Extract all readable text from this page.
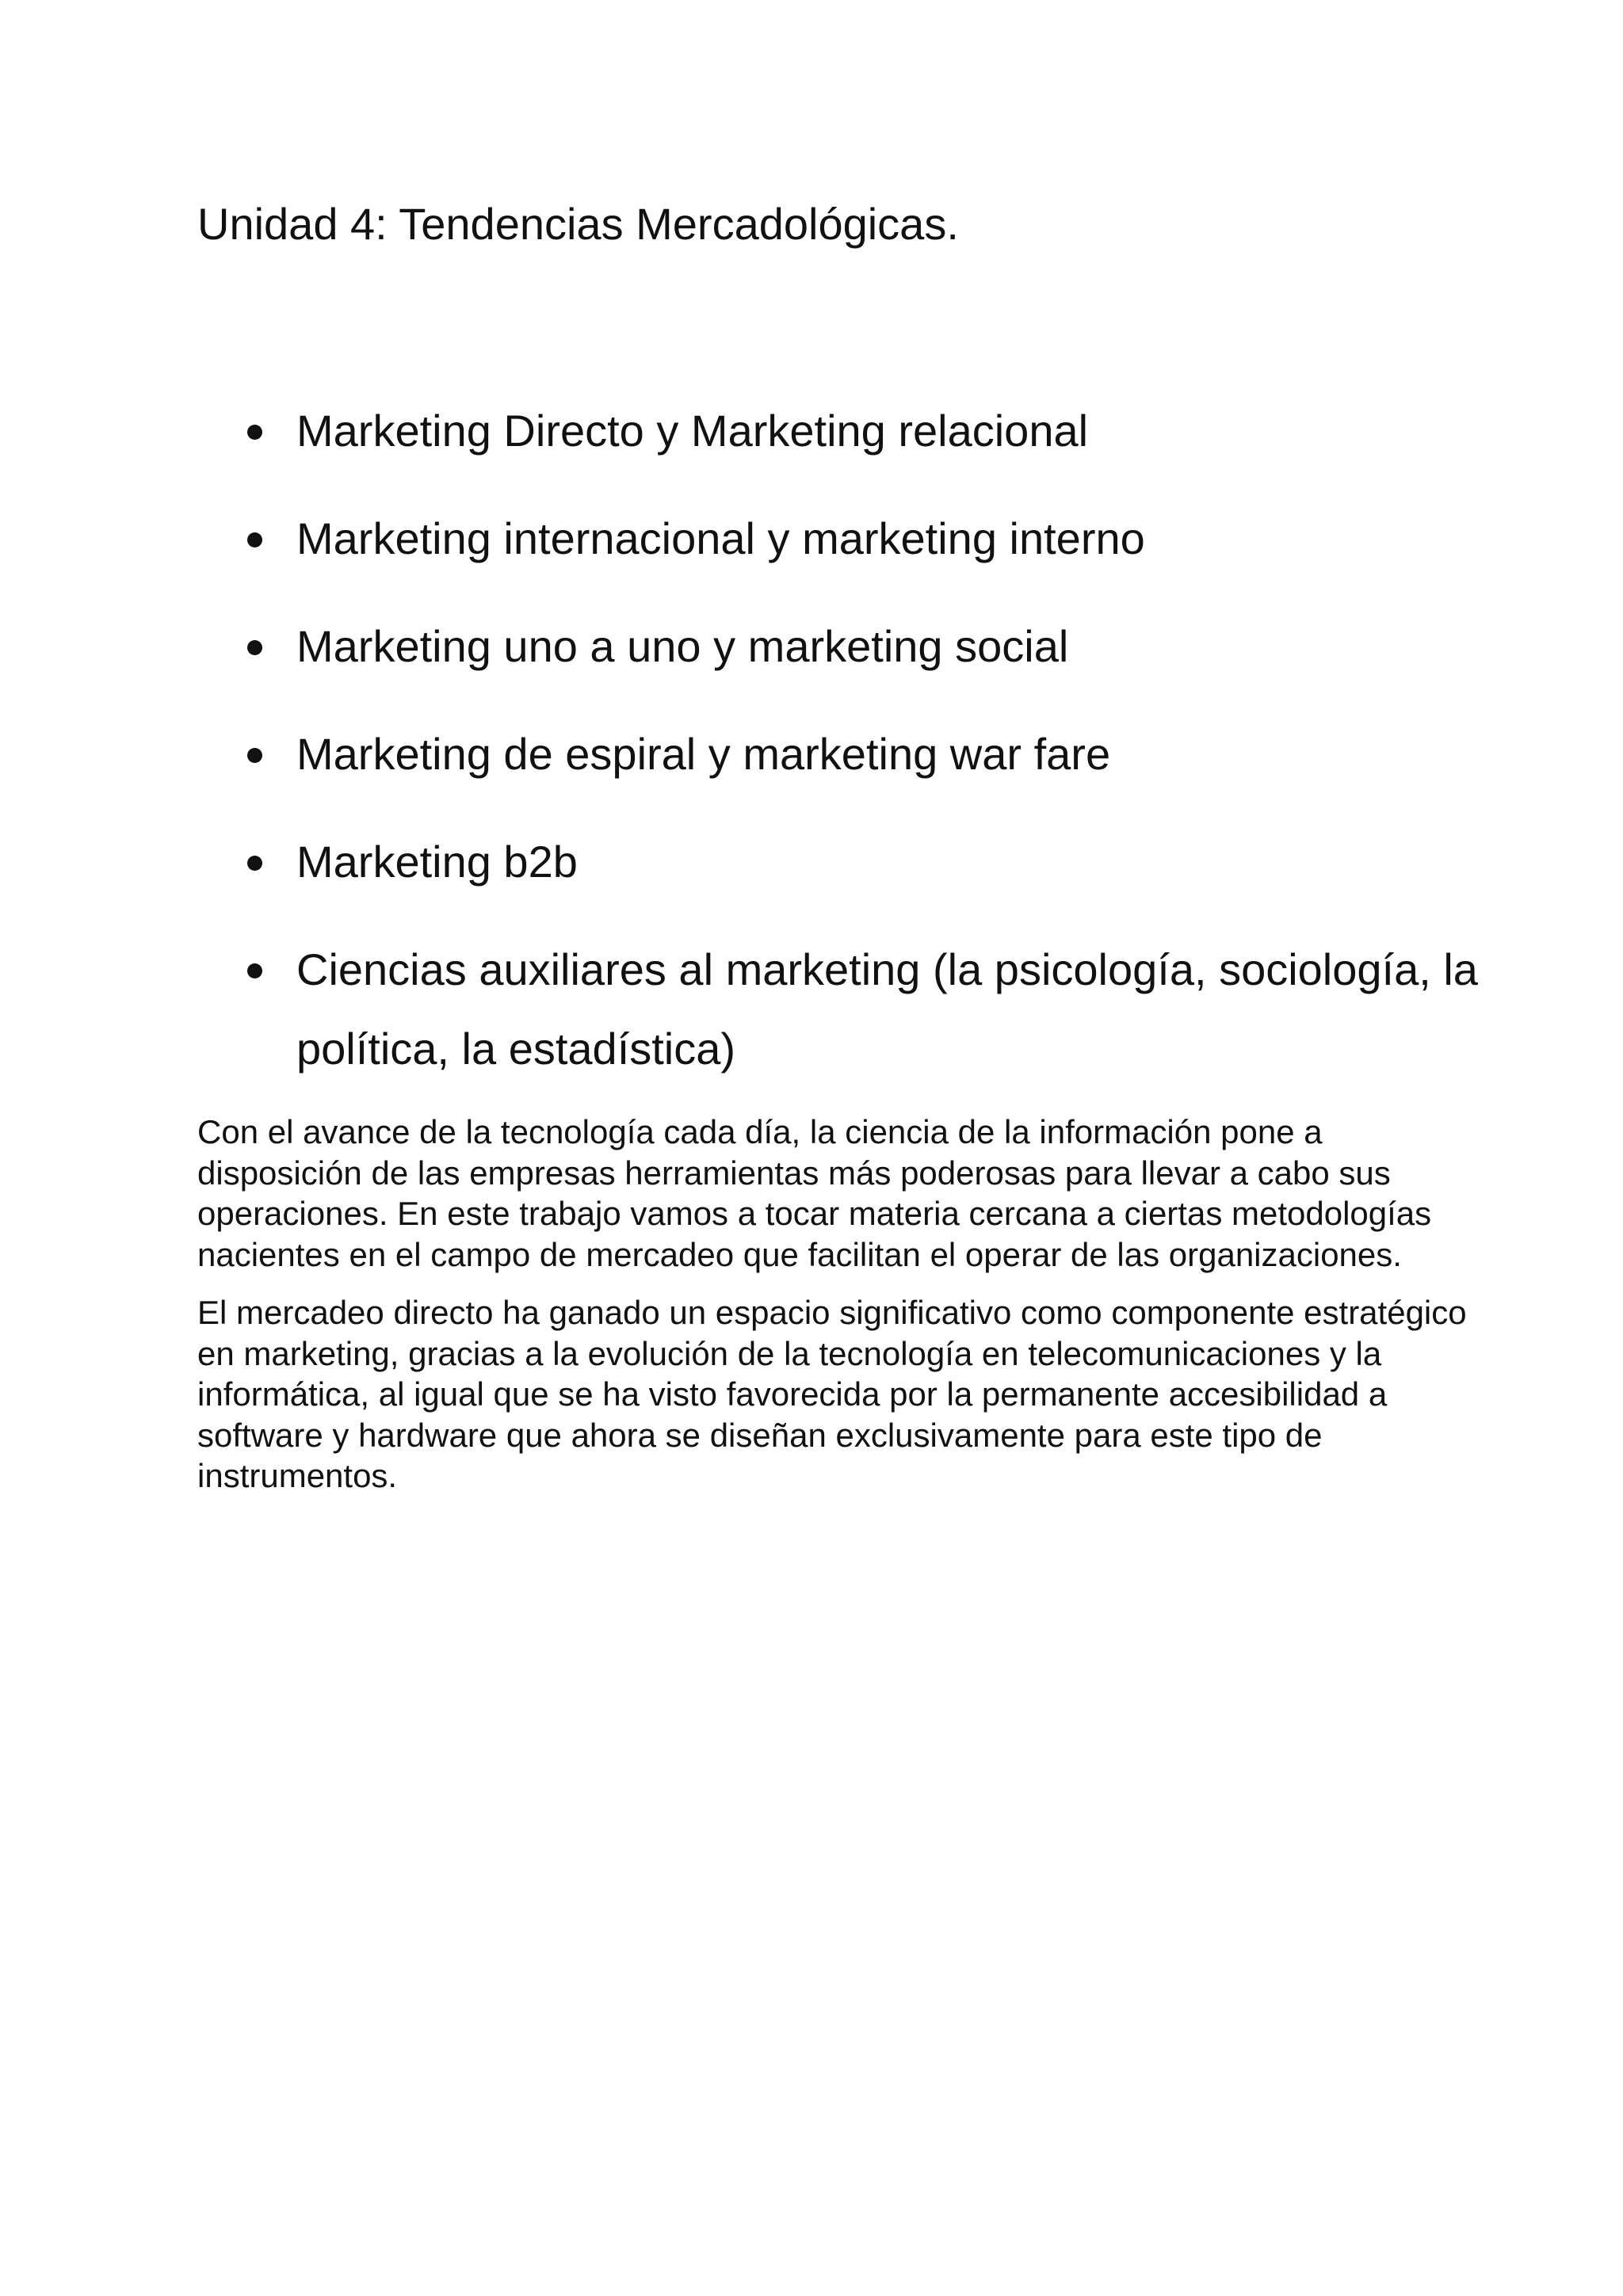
Unidad 4: Tendencias Mercadológicas.
Marketing Directo y Marketing relacional
Marketing internacional y marketing interno
Marketing uno a uno y marketing social
Marketing de espiral y marketing war fare
Marketing b2b
Ciencias auxiliares al marketing (la psicología, sociología, la política, la estadística)

Con el avance de la tecnología cada día, la ciencia de la información pone a disposición de las empresas herramientas más poderosas para llevar a cabo sus operaciones. En este trabajo vamos a tocar materia cercana a ciertas metodologías nacientes en el campo de mercadeo que facilitan el operar de las organizaciones.

El mercadeo directo ha ganado un espacio significativo como componente estratégico en marketing, gracias a la evolución de la tecnología en telecomunicaciones y la informática, al igual que se ha visto favorecida por la permanente accesibilidad a software y hardware que ahora se diseñan exclusivamente para este tipo de instrumentos.
